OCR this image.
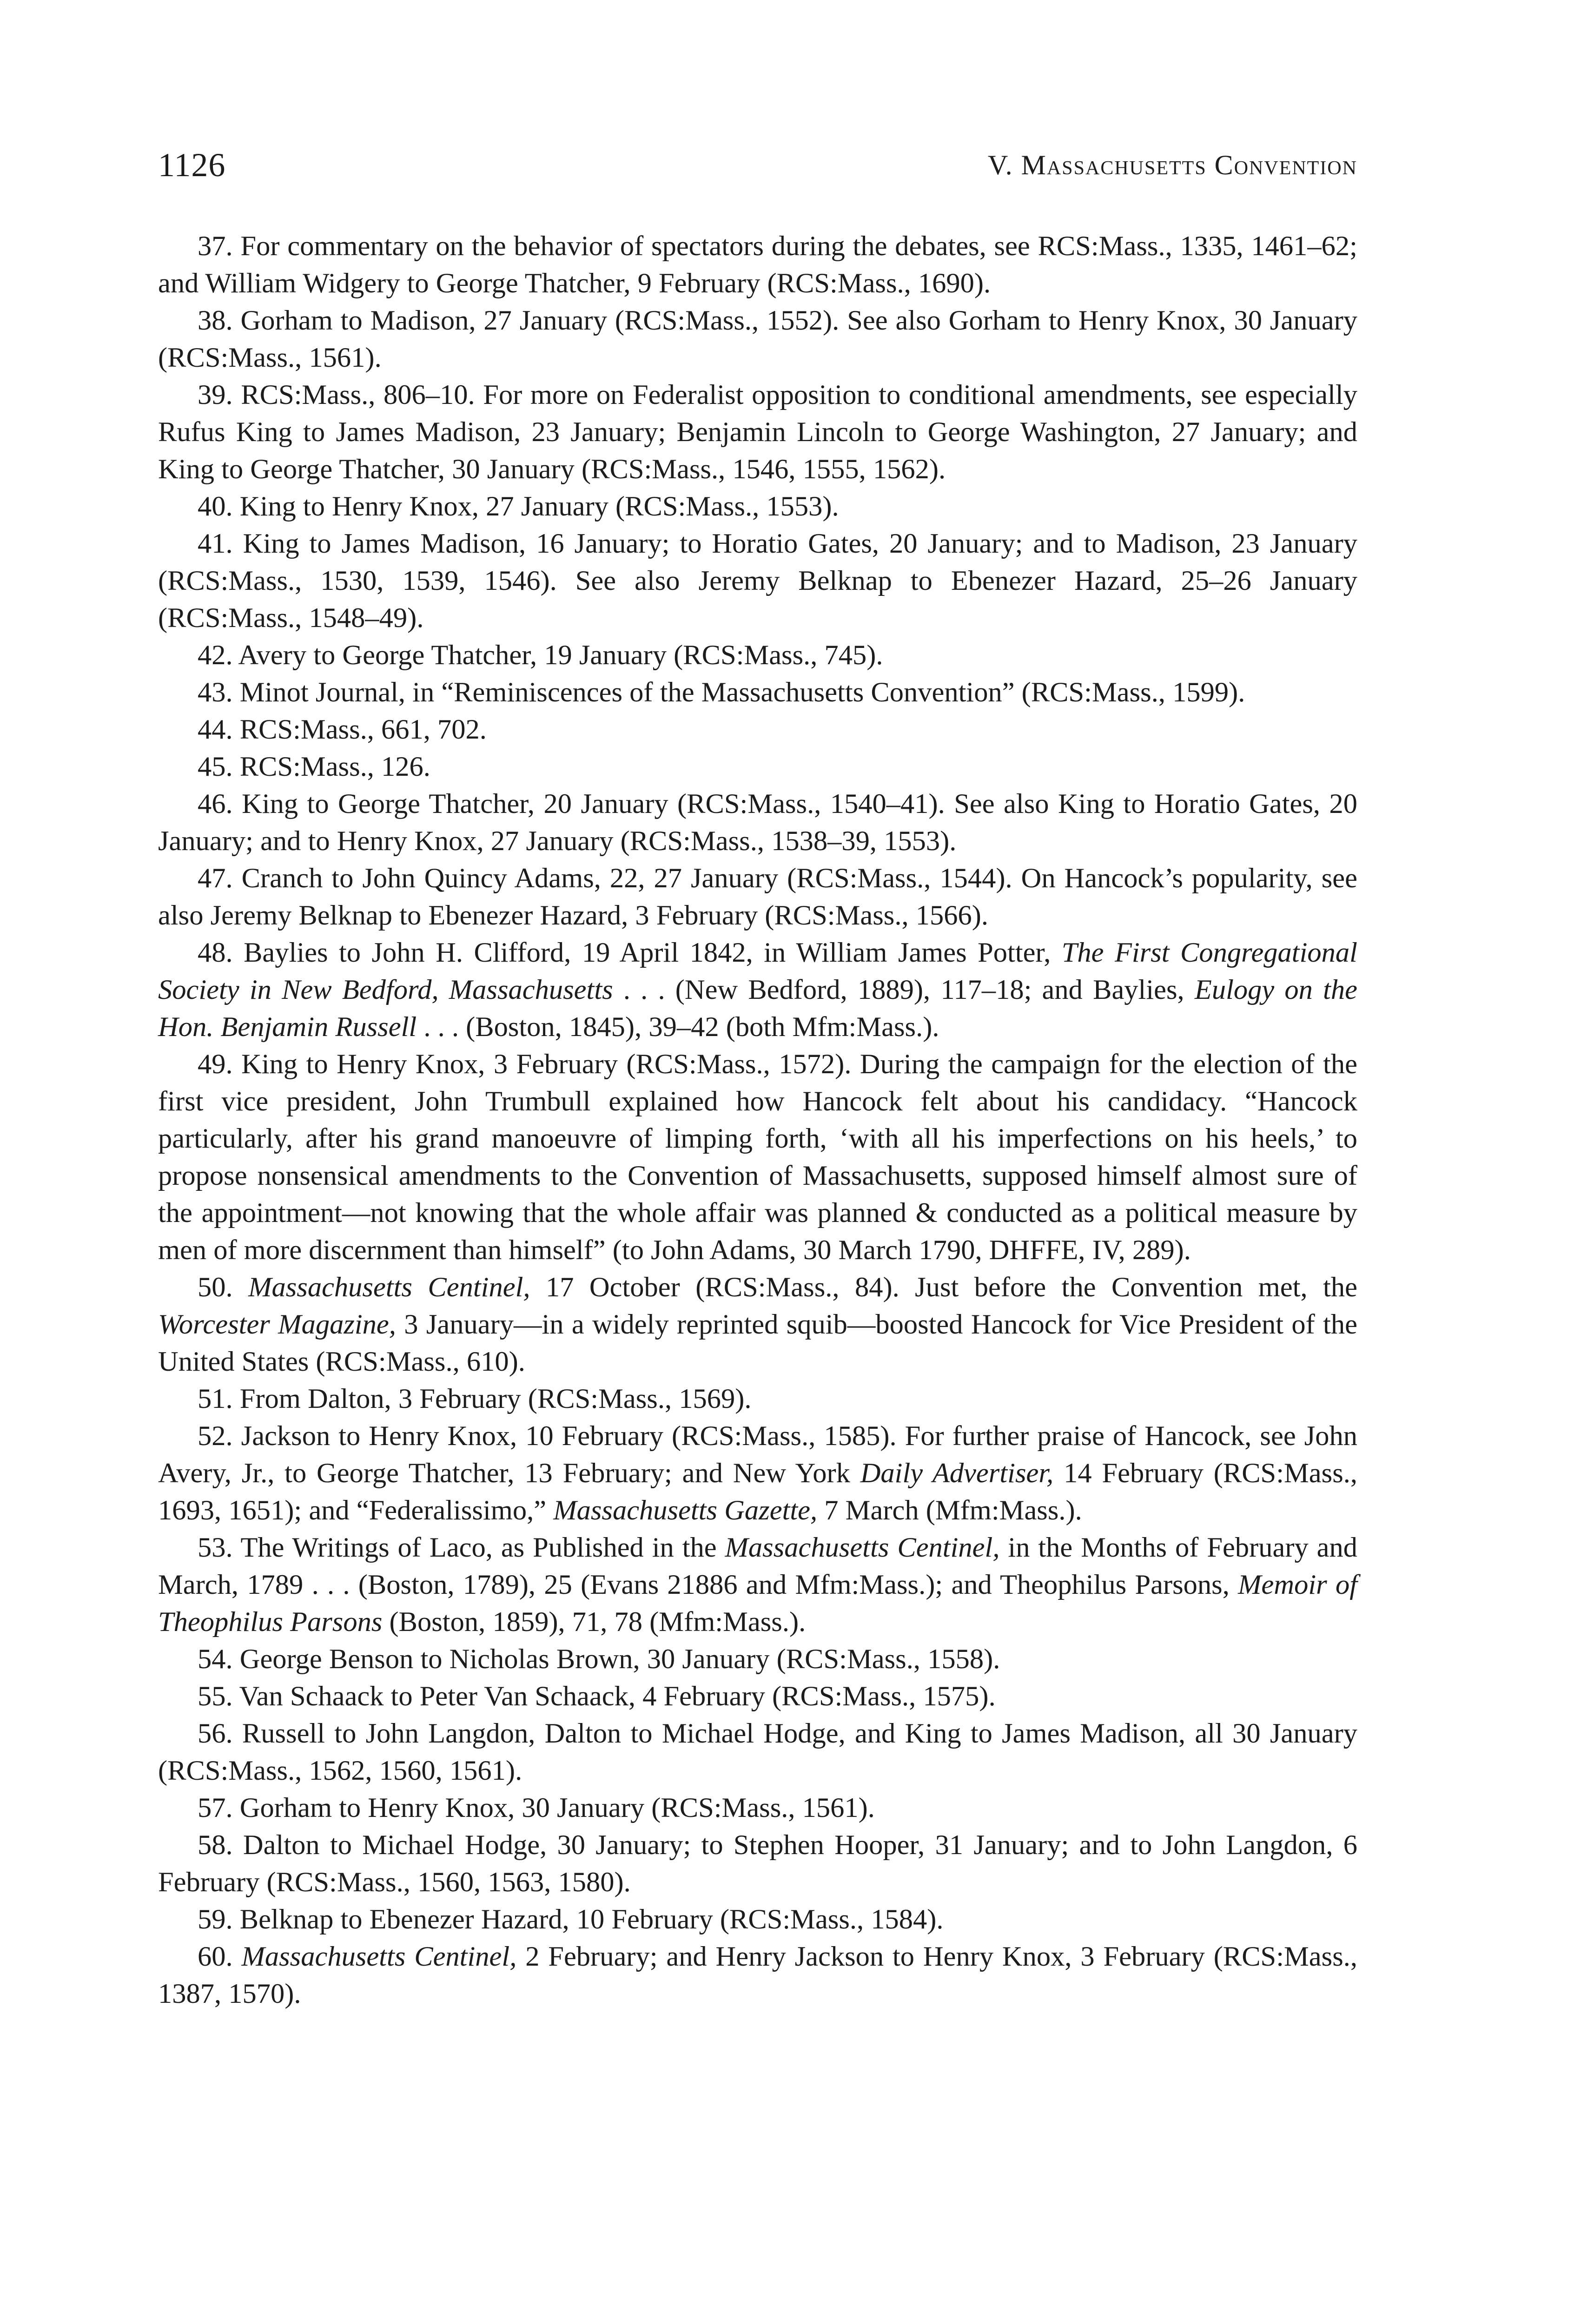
1126	V. Massachusetts Convention

37. For commentary on the behavior of spectators during the debates, see RCS:Mass., 1335, 1461–62; and William Widgery to George Thatcher, 9 February (RCS:Mass., 1690).

38. Gorham to Madison, 27 January (RCS:Mass., 1552). See also Gorham to Henry Knox, 30 January (RCS:Mass., 1561).

39. RCS:Mass., 806–10. For more on Federalist opposition to conditional amendments, see especially Rufus King to James Madison, 23 January; Benjamin Lincoln to George Washington, 27 January; and King to George Thatcher, 30 January (RCS:Mass., 1546, 1555, 1562).

40. King to Henry Knox, 27 January (RCS:Mass., 1553).

41. King to James Madison, 16 January; to Horatio Gates, 20 January; and to Madison, 23 January (RCS:Mass., 1530, 1539, 1546). See also Jeremy Belknap to Ebenezer Hazard, 25–26 January (RCS:Mass., 1548–49).

42. Avery to George Thatcher, 19 January (RCS:Mass., 745).

43. Minot Journal, in “Reminiscences of the Massachusetts Convention” (RCS:Mass., 1599).

44. RCS:Mass., 661, 702.

45. RCS:Mass., 126.

46. King to George Thatcher, 20 January (RCS:Mass., 1540–41). See also King to Horatio Gates, 20 January; and to Henry Knox, 27 January (RCS:Mass., 1538–39, 1553).

47. Cranch to John Quincy Adams, 22, 27 January (RCS:Mass., 1544). On Hancock’s popularity, see also Jeremy Belknap to Ebenezer Hazard, 3 February (RCS:Mass., 1566).

48. Baylies to John H. Clifford, 19 April 1842, in William James Potter, The First Congregational Society in New Bedford, Massachusetts . . . (New Bedford, 1889), 117–18; and Baylies, Eulogy on the Hon. Benjamin Russell . . . (Boston, 1845), 39–42 (both Mfm:Mass.).

49. King to Henry Knox, 3 February (RCS:Mass., 1572). During the campaign for the election of the first vice president, John Trumbull explained how Hancock felt about his candidacy. “Hancock particularly, after his grand manoeuvre of limping forth, ‘with all his imperfections on his heels,’ to propose nonsensical amendments to the Convention of Massachusetts, supposed himself almost sure of the appointment—not knowing that the whole affair was planned & conducted as a political measure by men of more discernment than himself” (to John Adams, 30 March 1790, DHFFE, IV, 289).

50. Massachusetts Centinel, 17 October (RCS:Mass., 84). Just before the Convention met, the Worcester Magazine, 3 January—in a widely reprinted squib—boosted Hancock for Vice President of the United States (RCS:Mass., 610).

51. From Dalton, 3 February (RCS:Mass., 1569).

52. Jackson to Henry Knox, 10 February (RCS:Mass., 1585). For further praise of Hancock, see John Avery, Jr., to George Thatcher, 13 February; and New York Daily Advertiser, 14 February (RCS:Mass., 1693, 1651); and “Federalissimo,” Massachusetts Gazette, 7 March (Mfm:Mass.).

53. The Writings of Laco, as Published in the Massachusetts Centinel, in the Months of February and March, 1789 . . . (Boston, 1789), 25 (Evans 21886 and Mfm:Mass.); and Theophilus Parsons, Memoir of Theophilus Parsons (Boston, 1859), 71, 78 (Mfm:Mass.).

54. George Benson to Nicholas Brown, 30 January (RCS:Mass., 1558).

55. Van Schaack to Peter Van Schaack, 4 February (RCS:Mass., 1575).

56. Russell to John Langdon, Dalton to Michael Hodge, and King to James Madison, all 30 January (RCS:Mass., 1562, 1560, 1561).

57. Gorham to Henry Knox, 30 January (RCS:Mass., 1561).

58. Dalton to Michael Hodge, 30 January; to Stephen Hooper, 31 January; and to John Langdon, 6 February (RCS:Mass., 1560, 1563, 1580).

59. Belknap to Ebenezer Hazard, 10 February (RCS:Mass., 1584).

60. Massachusetts Centinel, 2 February; and Henry Jackson to Henry Knox, 3 February (RCS:Mass., 1387, 1570).
